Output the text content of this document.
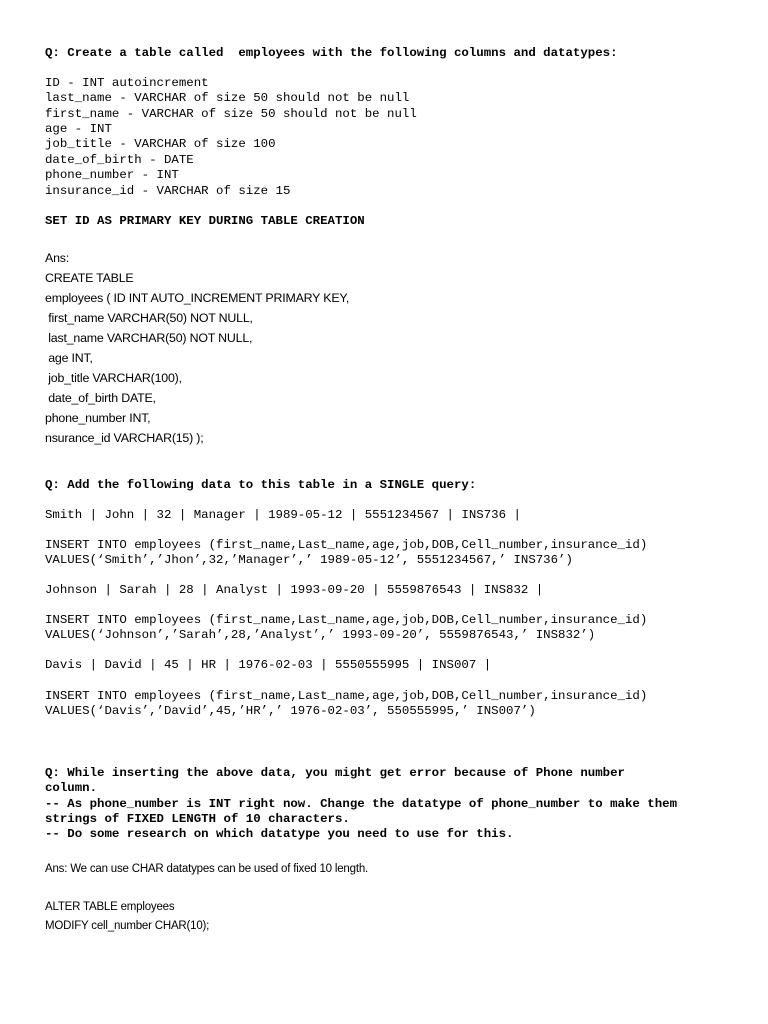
Q: Create a table called  employees with the following columns and datatypes:
ID - INT autoincrement
last_name - VARCHAR of size 50 should not be null
first_name - VARCHAR of size 50 should not be null
age - INT
job_title - VARCHAR of size 100
date_of_birth - DATE
phone_number - INT
insurance_id - VARCHAR of size 15
SET ID AS PRIMARY KEY DURING TABLE CREATION
Ans:
CREATE TABLE
employees ( ID INT AUTO_INCREMENT PRIMARY KEY,
first_name VARCHAR(50) NOT NULL,
last_name VARCHAR(50) NOT NULL,
age INT,
job_title VARCHAR(100),
date_of_birth DATE,
phone_number INT,
nsurance_id VARCHAR(15) );
Q: Add the following data to this table in a SINGLE query:
Smith | John | 32 | Manager | 1989-05-12 | 5551234567 | INS736 |
INSERT INTO employees (first_name,Last_name,age,job,DOB,Cell_number,insurance_id)
VALUES(‘Smith’,’Jhon’,32,’Manager’,’ 1989-05-12’, 5551234567,’ INS736’)
Johnson | Sarah | 28 | Analyst | 1993-09-20 | 5559876543 | INS832 |
INSERT INTO employees (first_name,Last_name,age,job,DOB,Cell_number,insurance_id)
VALUES(‘Johnson’,’Sarah’,28,’Analyst’,’ 1993-09-20’, 5559876543,’ INS832’)
Davis | David | 45 | HR | 1976-02-03 | 5550555995 | INS007 |
INSERT INTO employees (first_name,Last_name,age,job,DOB,Cell_number,insurance_id)
VALUES(‘Davis’,’David’,45,’HR’,’ 1976-02-03’, 550555995,’ INS007’)
Q: While inserting the above data, you might get error because of Phone number
column.
-- As phone_number is INT right now. Change the datatype of phone_number to make them
strings of FIXED LENGTH of 10 characters.
-- Do some research on which datatype you need to use for this.
Ans: We can use CHAR datatypes can be used of fixed 10 length.
ALTER TABLE employees
MODIFY cell_number CHAR(10);
